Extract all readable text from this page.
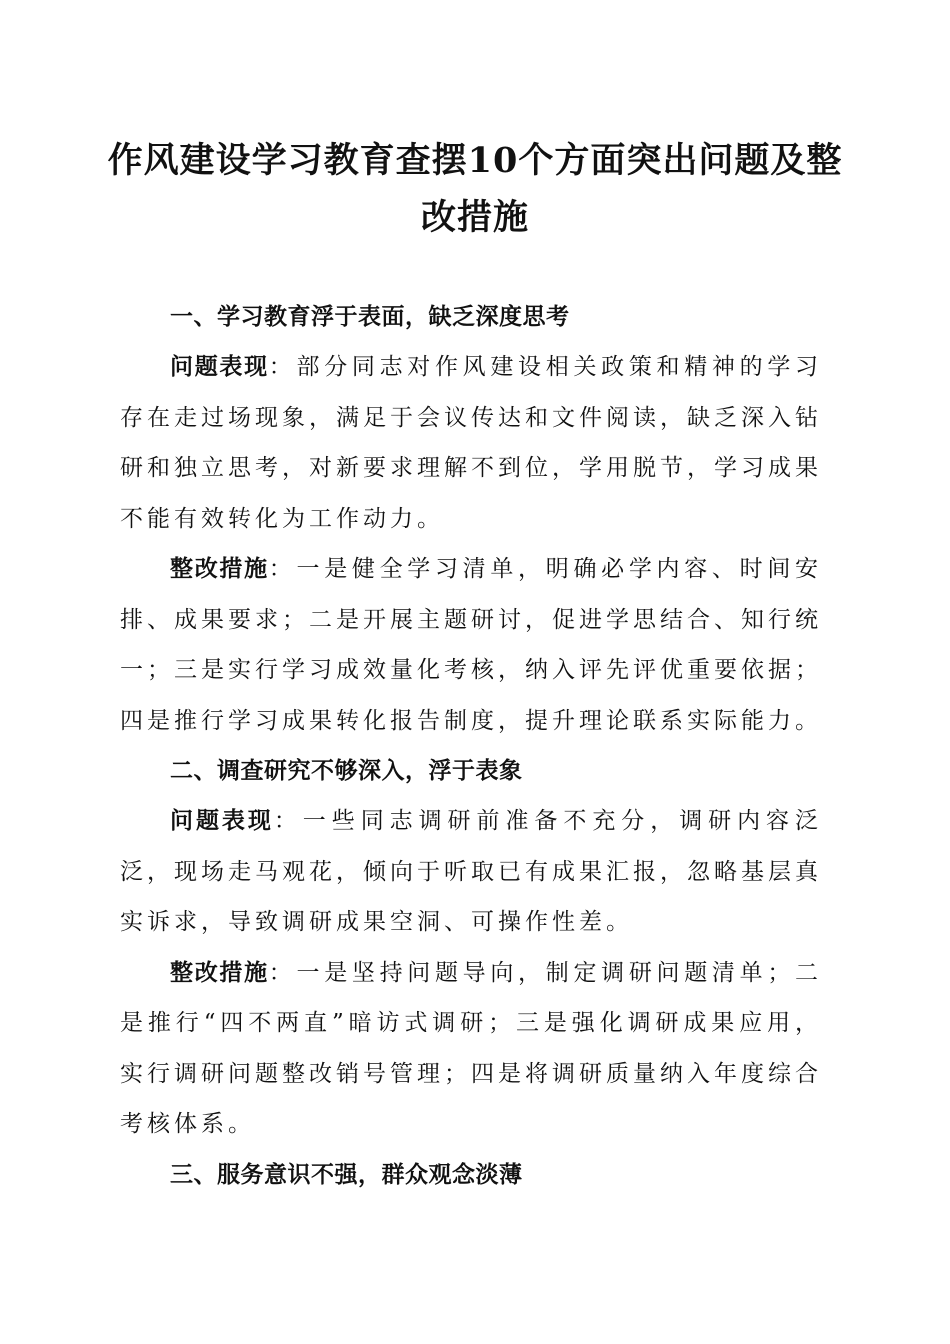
作风建设学习教育查摆10个方面突出问题及整改措施

一、学习教育浮于表面，缺乏深度思考

问题表现：部分同志对作风建设相关政策和精神的学习存在走过场现象，满足于会议传达和文件阅读，缺乏深入钻研和独立思考，对新要求理解不到位，学用脱节，学习成果不能有效转化为工作动力。

整改措施：一是健全学习清单，明确必学内容、时间安排、成果要求；二是开展主题研讨，促进学思结合、知行统一；三是实行学习成效量化考核，纳入评先评优重要依据；四是推行学习成果转化报告制度，提升理论联系实际能力。

二、调查研究不够深入，浮于表象

问题表现：一些同志调研前准备不充分，调研内容泛泛，现场走马观花，倾向于听取已有成果汇报，忽略基层真实诉求，导致调研成果空洞、可操作性差。

整改措施：一是坚持问题导向，制定调研问题清单；二是推行“四不两直”暗访式调研；三是强化调研成果应用，实行调研问题整改销号管理；四是将调研质量纳入年度综合考核体系。

三、服务意识不强，群众观念淡薄
